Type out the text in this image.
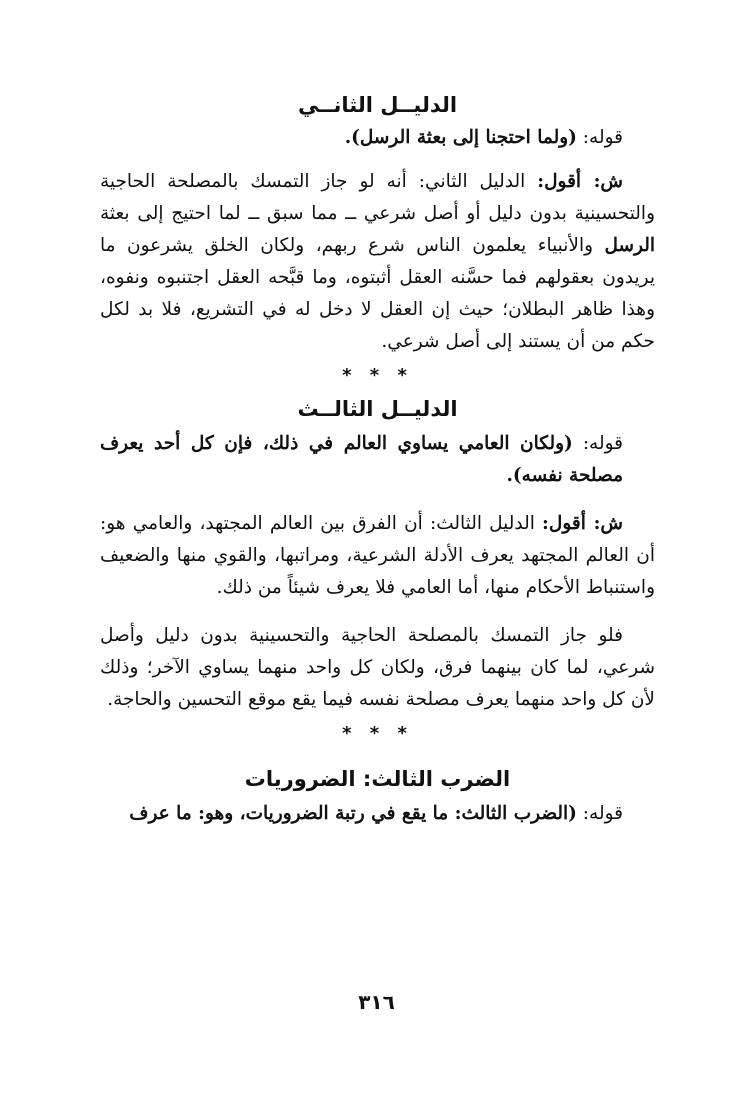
الدليــل الثانــي

قوله: (ولما احتجنا إلى بعثة الرسل).

ش: أقول: الدليل الثاني: أنه لو جاز التمسك بالمصلحة الحاجية والتحسينية بدون دليل أو أصل شرعي ــ مما سبق ــ لما احتيج إلى بعثة الرسل والأنبياء يعلمون الناس شرع ربهم، ولكان الخلق يشرعون ما يريدون بعقولهم فما حسَّنه العقل أثبتوه، وما قبَّحه العقل اجتنبوه ونفوه، وهذا ظاهر البطلان؛ حيث إن العقل لا دخل له في التشريع، فلا بد لكل حكم من أن يستند إلى أصل شرعي.

* * *
الدليــل الثالــث

قوله: (ولكان العامي يساوي العالم في ذلك، فإن كل أحد يعرف مصلحة نفسه).

ش: أقول: الدليل الثالث: أن الفرق بين العالم المجتهد، والعامي هو: أن العالم المجتهد يعرف الأدلة الشرعية، ومراتبها، والقوي منها والضعيف واستنباط الأحكام منها، أما العامي فلا يعرف شيئاً من ذلك.

فلو جاز التمسك بالمصلحة الحاجية والتحسينية بدون دليل وأصل شرعي، لما كان بينهما فرق، ولكان كل واحد منهما يساوي الآخر؛ وذلك لأن كل واحد منهما يعرف مصلحة نفسه فيما يقع موقع التحسين والحاجة.

* * *
الضرب الثالث: الضروريات

قوله: (الضرب الثالث: ما يقع في رتبة الضروريات، وهو: ما عرف

٣١٦
